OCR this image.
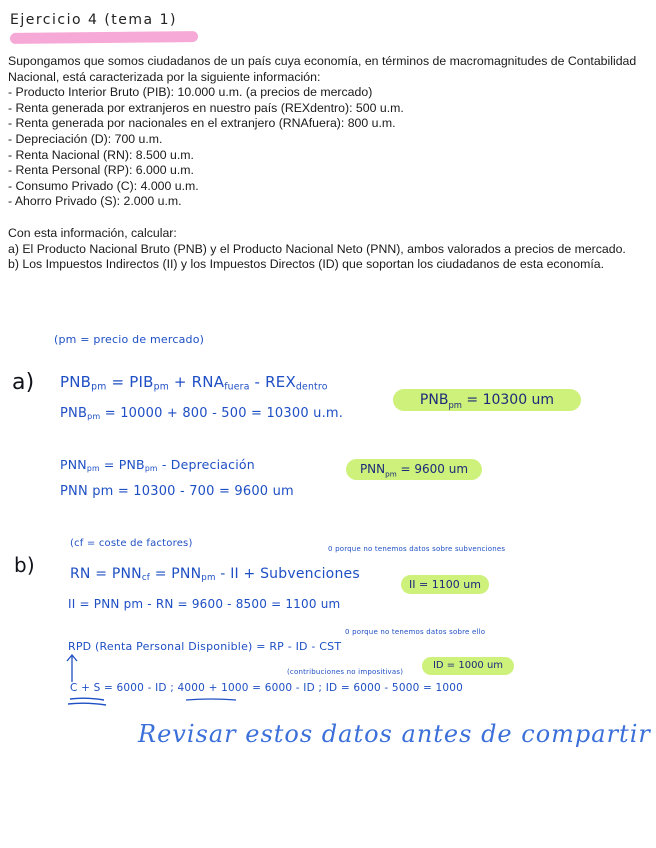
Ejercicio 4 (tema 1)

Supongamos que somos ciudadanos de un país cuya economía, en términos de macromagnitudes de Contabilidad Nacional, está caracterizada por la siguiente información:

- Producto Interior Bruto (PIB): 10.000 u.m. (a precios de mercado)

- Renta generada por extranjeros en nuestro país (REXdentro): 500 u.m.

- Renta generada por nacionales en el extranjero (RNAfuera): 800 u.m.

- Depreciación (D): 700 u.m.

- Renta Nacional (RN): 8.500 u.m.

- Renta Personal (RP): 6.000 u.m.

- Consumo Privado (C): 4.000 u.m.

- Ahorro Privado (S): 2.000 u.m.

Con esta información, calcular:

a) El Producto Nacional Bruto (PNB) y el Producto Nacional Neto (PNN), ambos valorados a precios de mercado.

b) Los Impuestos Indirectos (II) y los Impuestos Directos (ID) que soportan los ciudadanos de esta economía.

(pm = precio de mercado)
a) $PNB_{pm} = PIB_{pm} + RNA_{fuera} - REX_{dentro}$
$PNB_{pm} = 10000 + 800 - 500 = 10300$ u.m.
$PNB_{pm} = 10300$ um
$PNN_{pm} = PNB_{pm}$ - Depreciación	$PNN_{pm} = 9600$ um
PNN pm = 10300 - 700 = 9600 um
(cf = coste de factores)	0 porque no tenemos datos sobre subvenciones
b)	RN = $PNN_{cf} = PNN_{pm}$ - II + Subvenciones
II = 1100 um
II = PNN pm - RN = 9600 - 8500 = 1100 um
0 porque no tenemos datos sobre ello
RPD (Renta Personal Disponible) = RP - ID - CST
(contribuciones no impositivas)
ID = 1000 um
C + S = 6000 - ID ; 4000 + 1000 = 6000 - ID ; ID = 6000 - 5000 = 1000
Revisar estos datos antes de compartir
